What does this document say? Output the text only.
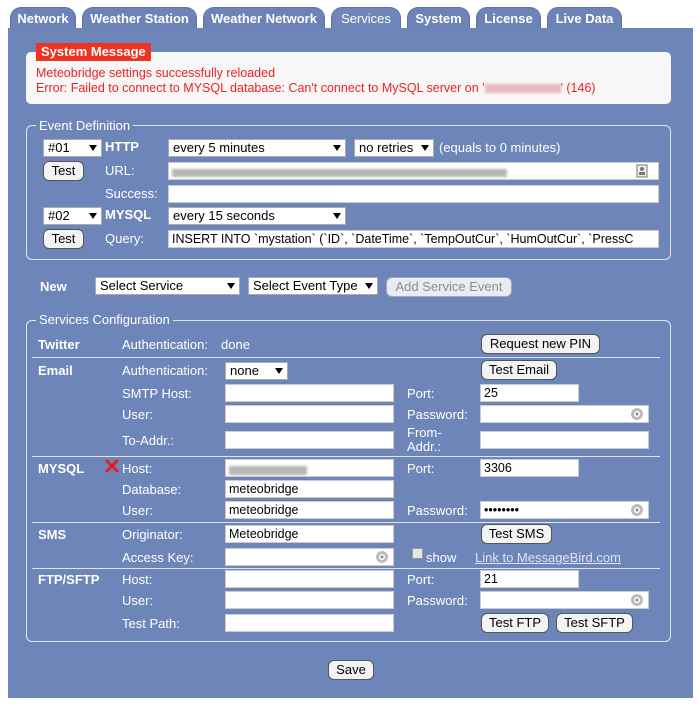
Network	Weather Station	Weather Network	Services	System	License	Live Data
System Message
Meteobridge settings successfully reloaded
Error: Failed to connect to MYSQL database: Can't connect to MySQL server on '	' (146)
Event Definition
#01	HTTP	every 5 minutes	no retries	(equals to 0 minutes)
Test	URL:
Success:
#02	MYSQL	every 15 seconds
Test	Query:	INSERT INTO `mystation` (`ID`, `DateTime`, `TempOutCur`, `HumOutCur`, `PressC
New	Select Service	Select Event Type	Add Service Event
Services Configuration
Twitter	Authentication: done	Request new PIN
Email	Authentication:	none	Test Email
SMTP Host:	Port:	25
User:	Password:
To-Addr.:
From-
Addr.:
MYSQL	Host:	Port:	3306
Database:	meteobridge
User:	meteobridge	Password:	••••••••
SMS	Originator:	Meteobridge	Test SMS
Access Key:	show Link to MessageBird.com
FTP/SFTP Host:	Port:	21
User:	Password:
Test Path:	Test FTP	Test SFTP
Save
